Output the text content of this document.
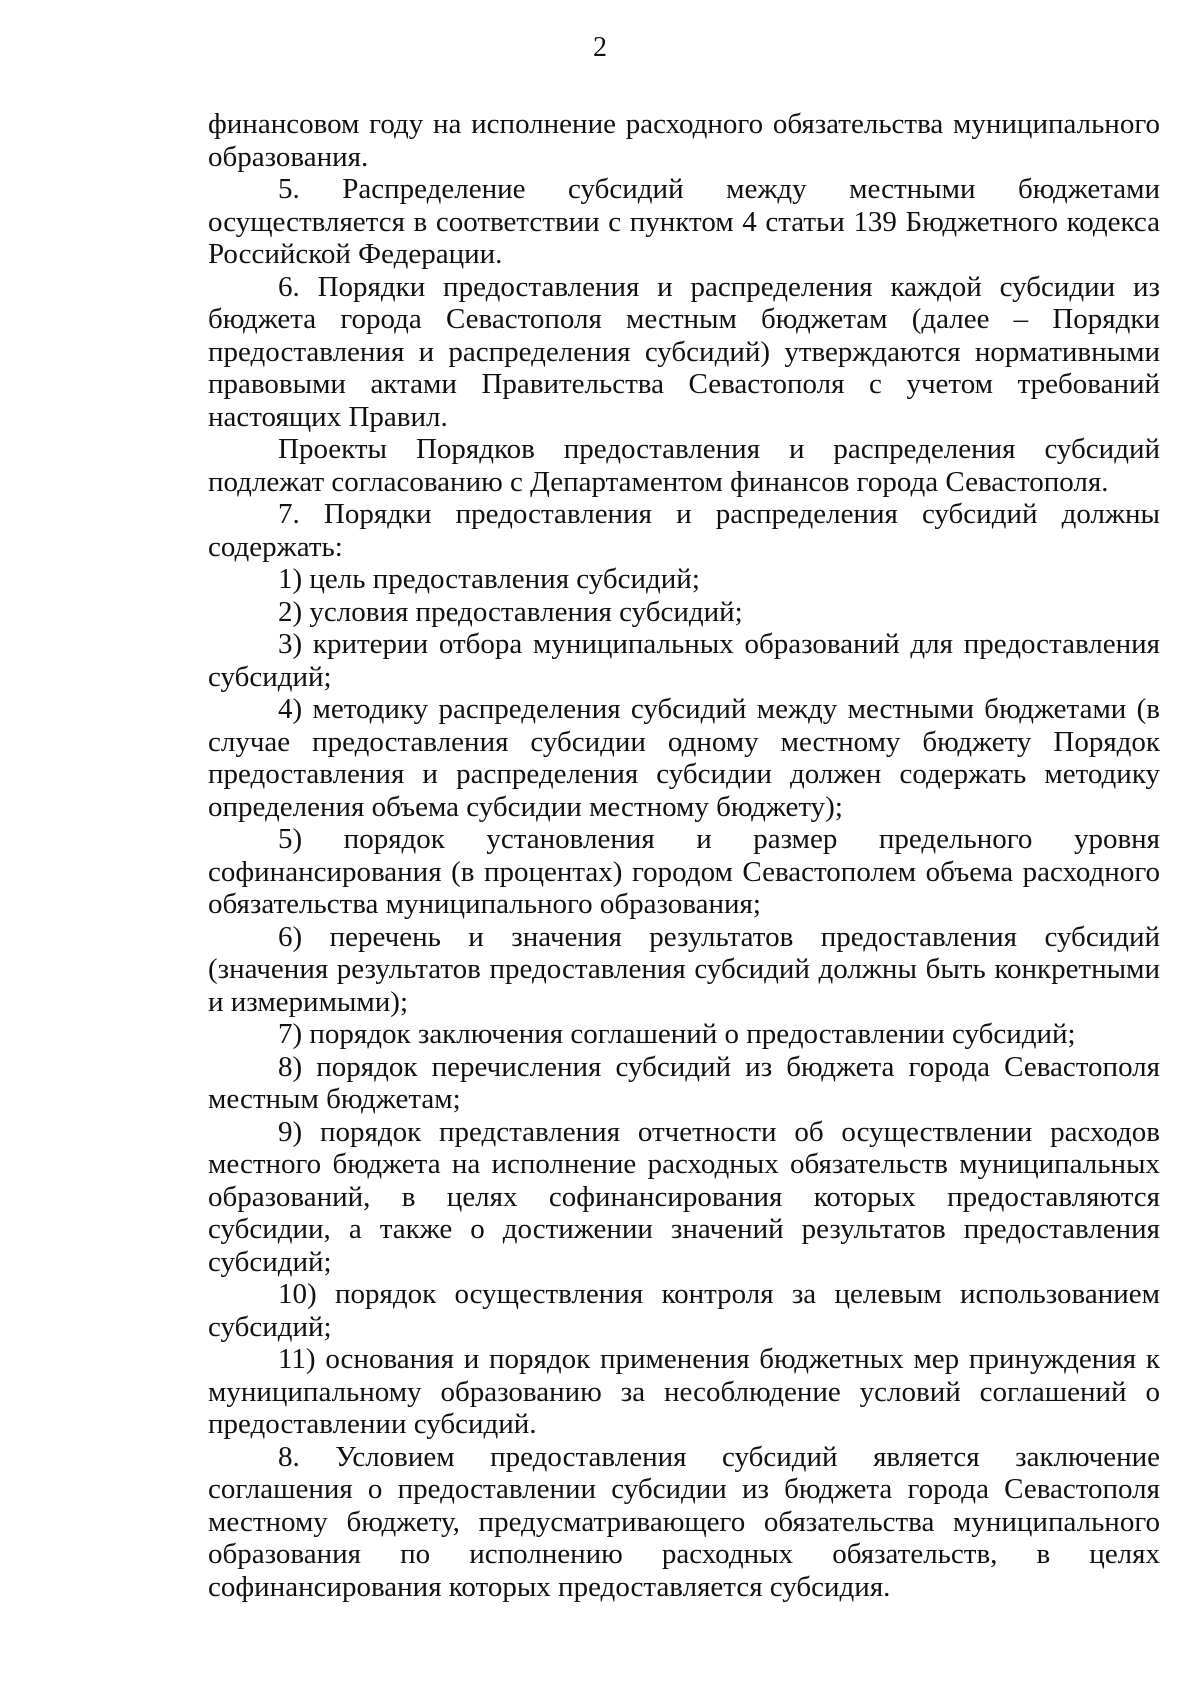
2

финансовом году на исполнение расходного обязательства муниципального образования.

5. Распределение субсидий между местными бюджетами осуществляется в соответствии с пунктом 4 статьи 139 Бюджетного кодекса Российской Федерации.

6. Порядки предоставления и распределения каждой субсидии из бюджета города Севастополя местным бюджетам (далее – Порядки предоставления и распределения субсидий) утверждаются нормативными правовыми актами Правительства Севастополя с учетом требований настоящих Правил.

Проекты Порядков предоставления и распределения субсидий подлежат согласованию с Департаментом финансов города Севастополя.

7. Порядки предоставления и распределения субсидий должны содержать:

1) цель предоставления субсидий;

2) условия предоставления субсидий;

3) критерии отбора муниципальных образований для предоставления субсидий;

4) методику распределения субсидий между местными бюджетами (в случае предоставления субсидии одному местному бюджету Порядок предоставления и распределения субсидии должен содержать методику определения объема субсидии местному бюджету);

5) порядок установления и размер предельного уровня софинансирования (в процентах) городом Севастополем объема расходного обязательства муниципального образования;

6) перечень и значения результатов предоставления субсидий (значения результатов предоставления субсидий должны быть конкретными и измеримыми);

7) порядок заключения соглашений о предоставлении субсидий;

8) порядок перечисления субсидий из бюджета города Севастополя местным бюджетам;

9) порядок представления отчетности об осуществлении расходов местного бюджета на исполнение расходных обязательств муниципальных образований, в целях софинансирования которых предоставляются субсидии, а также о достижении значений результатов предоставления субсидий;

10) порядок осуществления контроля за целевым использованием субсидий;

11) основания и порядок применения бюджетных мер принуждения к муниципальному образованию за несоблюдение условий соглашений о предоставлении субсидий.

8. Условием предоставления субсидий является заключение соглашения о предоставлении субсидии из бюджета города Севастополя местному бюджету, предусматривающего обязательства муниципального образования по исполнению расходных обязательств, в целях софинансирования которых предоставляется субсидия.
